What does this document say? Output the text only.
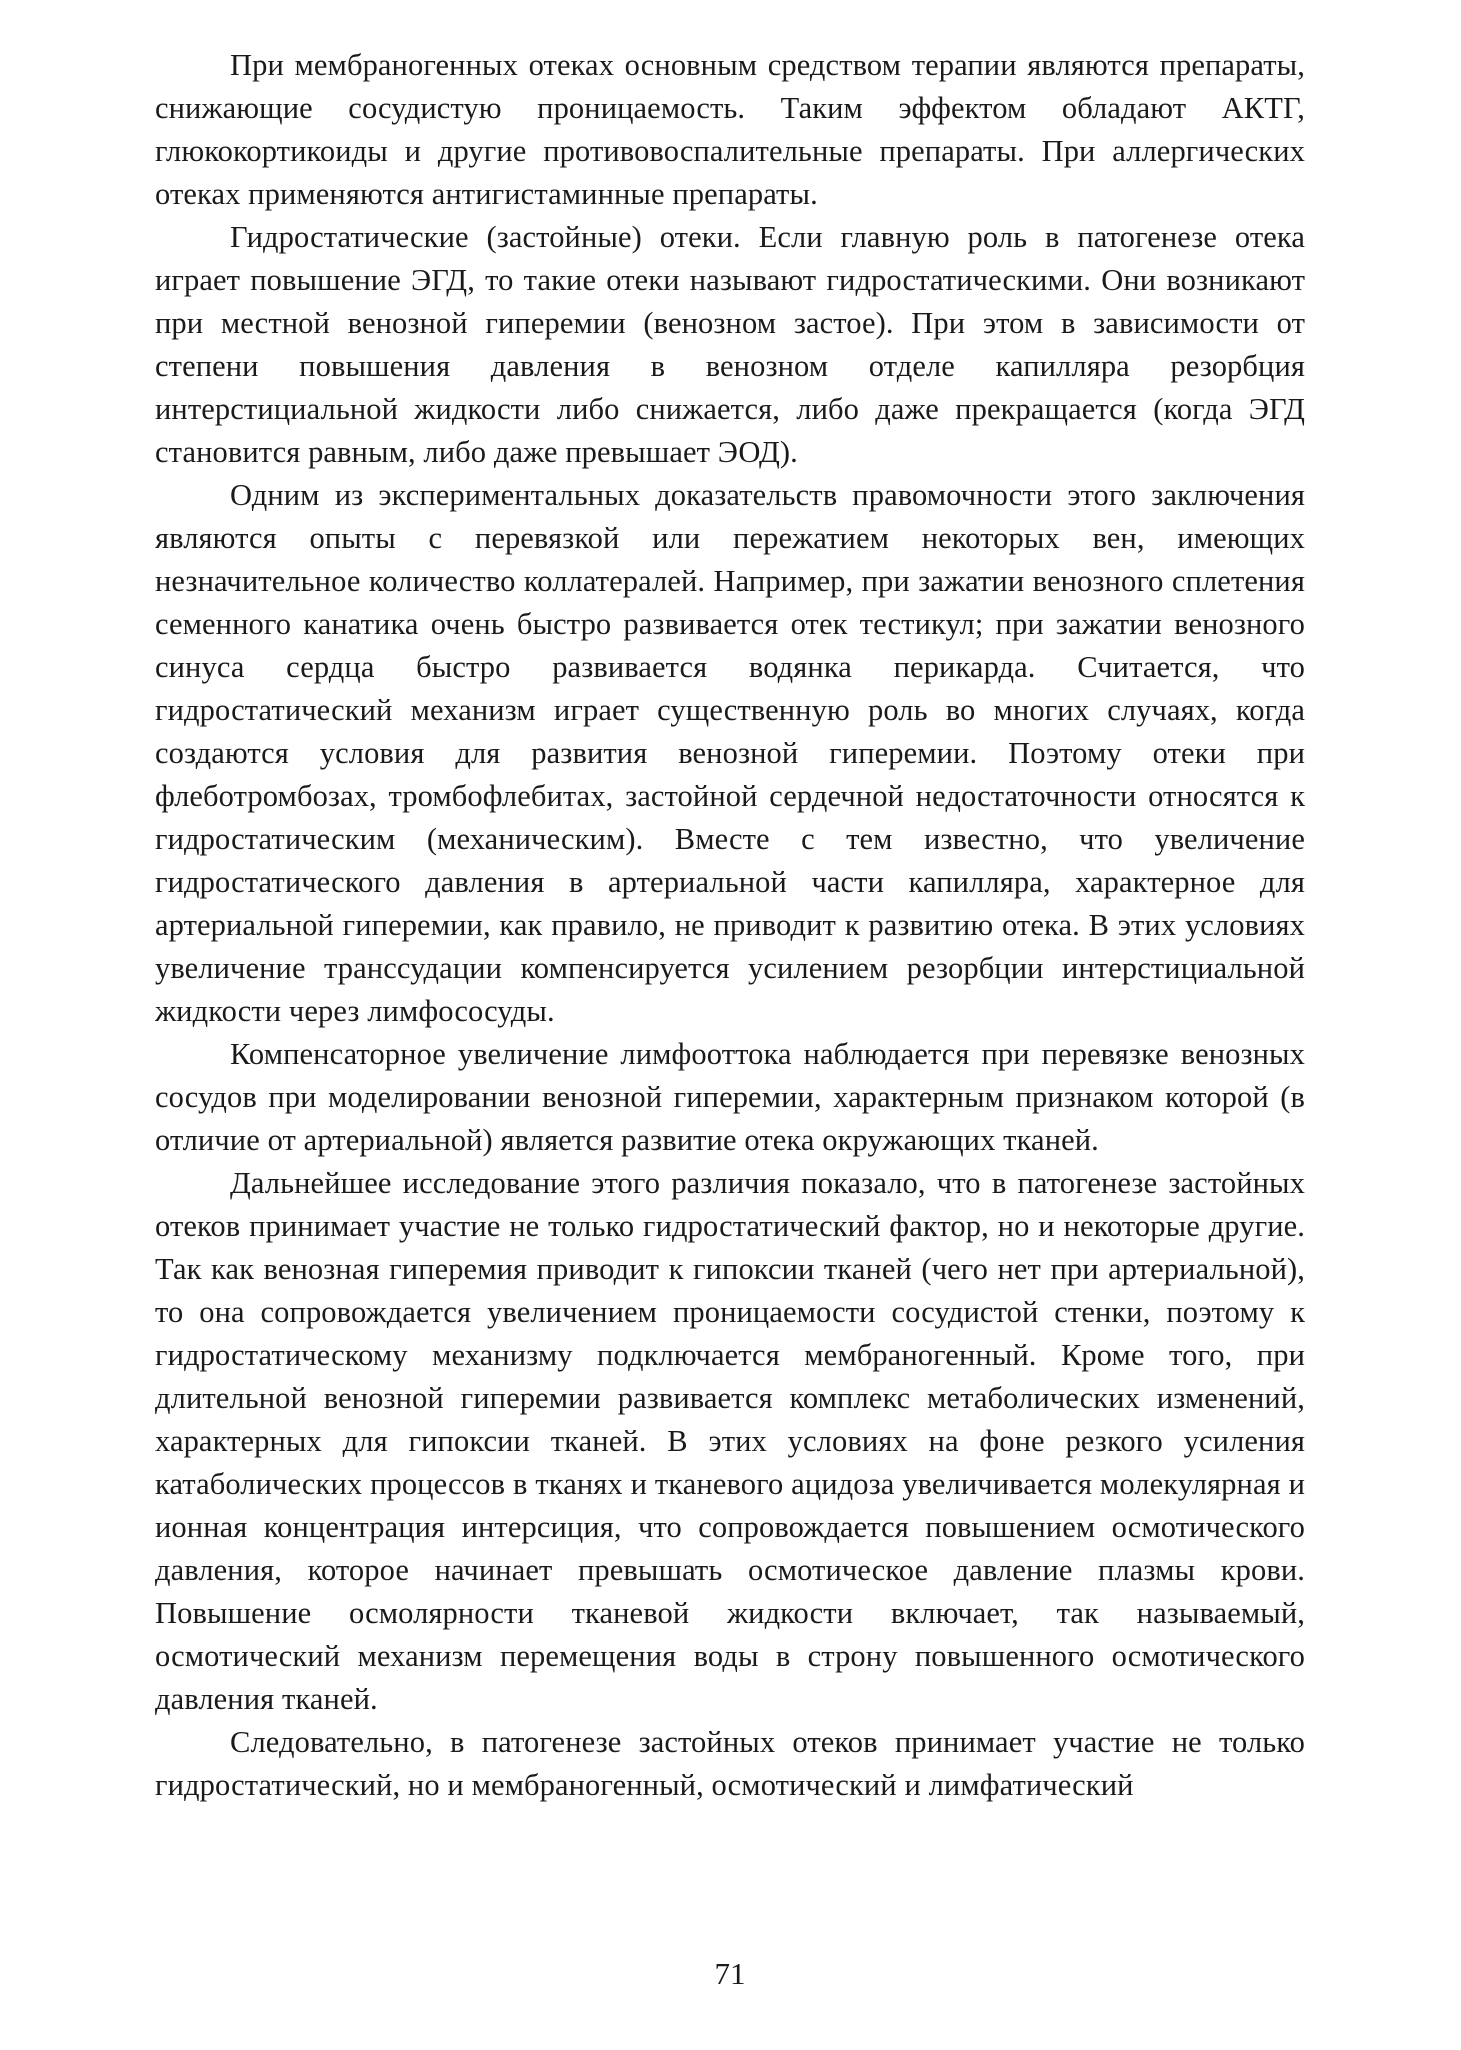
При мембраногенных отеках основным средством терапии являются препараты, снижающие сосудистую проницаемость. Таким эффектом обладают АКТГ, глюкокортикоиды и другие противовоспалительные препараты. При аллергических отеках применяются антигистаминные препараты.

Гидростатические (застойные) отеки. Если главную роль в патогенезе отека играет повышение ЭГД, то такие отеки называют гидростатическими. Они возникают при местной венозной гиперемии (венозном застое). При этом в зависимости от степени повышения давления в венозном отделе капилляра резорбция интерстициальной жидкости либо снижается, либо даже прекращается (когда ЭГД становится равным, либо даже превышает ЭОД).

Одним из экспериментальных доказательств правомочности этого заключения являются опыты с перевязкой или пережатием некоторых вен, имеющих незначительное количество коллатералей. Например, при зажатии венозного сплетения семенного канатика очень быстро развивается отек тестикул; при зажатии венозного синуса сердца быстро развивается водянка перикарда. Считается, что гидростатический механизм играет существенную роль во многих случаях, когда создаются условия для развития венозной гиперемии. Поэтому отеки при флеботромбозах, тромбофлебитах, застойной сердечной недостаточности относятся к гидростатическим (механическим). Вместе с тем известно, что увеличение гидростатического давления в артериальной части капилляра, характерное для артериальной гиперемии, как правило, не приводит к развитию отека. В этих условиях увеличение транссудации компенсируется усилением резорбции интерстициальной жидкости через лимфососуды.

Компенсаторное увеличение лимфооттока наблюдается при перевязке венозных сосудов при моделировании венозной гиперемии, характерным признаком которой (в отличие от артериальной) является развитие отека окружающих тканей.

Дальнейшее исследование этого различия показало, что в патогенезе застойных отеков принимает участие не только гидростатический фактор, но и некоторые другие. Так как венозная гиперемия приводит к гипоксии тканей (чего нет при артериальной), то она сопровождается увеличением проницаемости сосудистой стенки, поэтому к гидростатическому механизму подключается мембраногенный. Кроме того, при длительной венозной гиперемии развивается комплекс метаболических изменений, характерных для гипоксии тканей. В этих условиях на фоне резкого усиления катаболических процессов в тканях и тканевого ацидоза увеличивается молекулярная и ионная концентрация интерсиция, что сопровождается повышением осмотического давления, которое начинает превышать осмотическое давление плазмы крови. Повышение осмолярности тканевой жидкости включает, так называемый, осмотический механизм перемещения воды в строну повышенного осмотического давления тканей.

Следовательно, в патогенезе застойных отеков принимает участие не только гидростатический, но и мембраногенный, осмотический и лимфатический

71
